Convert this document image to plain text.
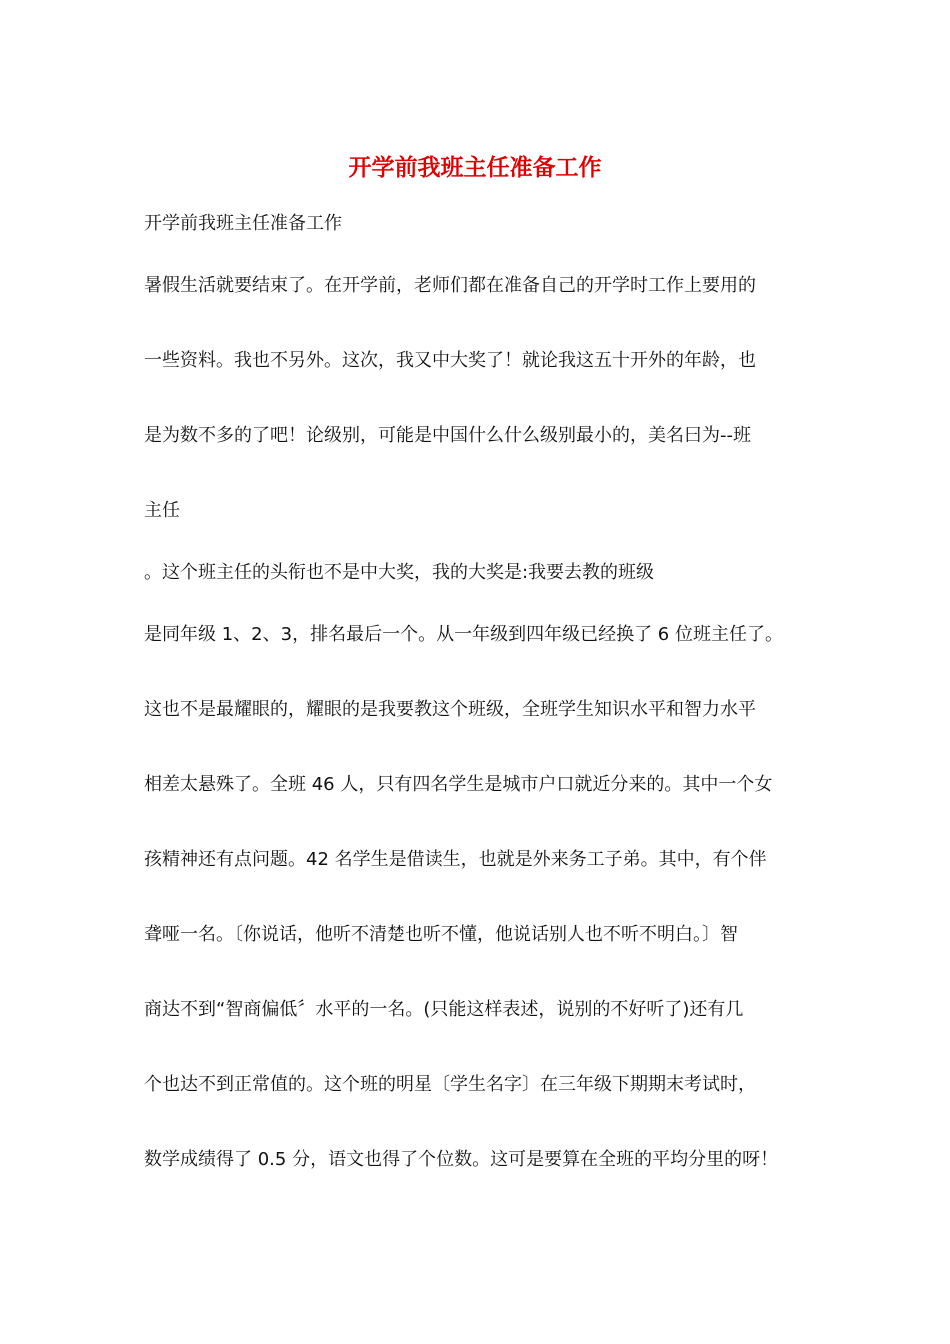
开学前我班主任准备工作
开学前我班主任准备工作
暑假生活就要结束了。在开学前，老师们都在准备自己的开学时工作上要用的
一些资料。我也不另外。这次，我又中大奖了！就论我这五十开外的年龄，也
是为数不多的了吧！论级别，可能是中国什么什么级别最小的，美名曰为--班
主任
。这个班主任的头衔也不是中大奖，我的大奖是:我要去教的班级
是同年级 1、2、3，排名最后一个。从一年级到四年级已经换了 6 位班主任了。
这也不是最耀眼的，耀眼的是我要教这个班级，全班学生知识水平和智力水平
相差太悬殊了。全班 46 人，只有四名学生是城市户口就近分来的。其中一个女
孩精神还有点问题。42 名学生是借读生，也就是外来务工子弟。其中，有个伴
聋哑一名。〔你说话，他听不清楚也听不懂，他说话别人也不听不明白。〕智
商达不到“智商偏低〞水平的一名。(只能这样表述，说别的不好听了)还有几
个也达不到正常值的。这个班的明星〔学生名字〕在三年级下期期末考试时，
数学成绩得了 0.5 分，语文也得了个位数。这可是要算在全班的平均分里的呀！
